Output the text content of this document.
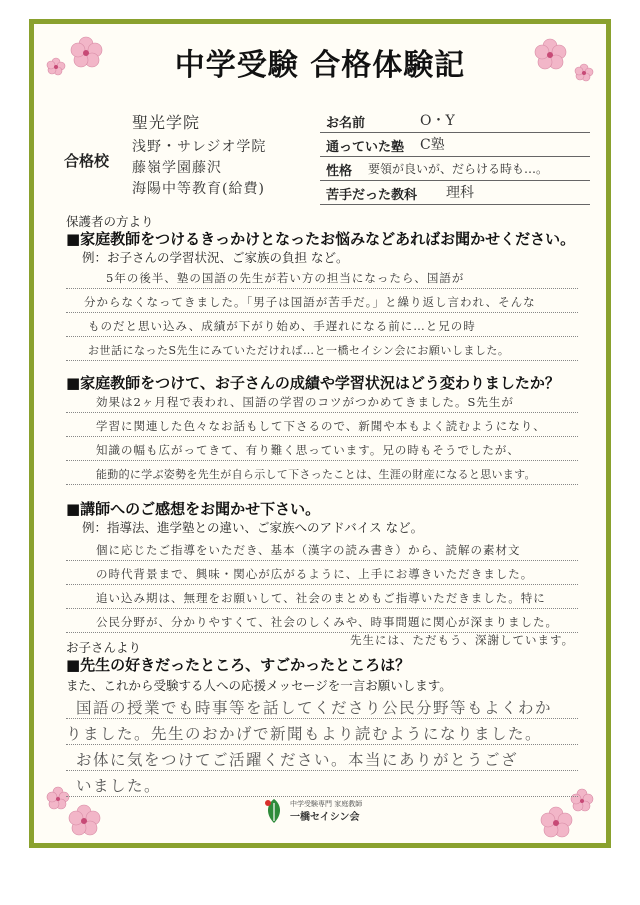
中学受験 合格体験記
合格校
聖光学院
浅野・サレジオ学院
藤嶺学園藤沢
海陽中等教育(給費)
お名前	O・Y
通っていた塾 C塾
性格 要領が良いが、だらける時も…。
苦手だった教科 理科
保護者の方より
■家庭教師をつけるきっかけとなったお悩みなどあればお聞かせください。
例：お子さんの学習状況、ご家族の負担 など。
5年の後半、塾の国語の先生が若い方の担当になったら、国語が
分からなくなってきました。「男子は国語が苦手だ。」と繰り返し言われ、そんな
ものだと思い込み、成績が下がり始め、手遅れになる前に…と兄の時
お世話になったS先生にみていただければ…と一橋セイシン会にお願いしました。
■家庭教師をつけて、お子さんの成績や学習状況はどう変わりましたか？
効果は2ヶ月程で表われ、国語の学習のコツがつかめてきました。S先生が
学習に関連した色々なお話もして下さるので、新聞や本もよく読むようになり、
知識の幅も広がってきて、有り難く思っています。兄の時もそうでしたが、
能動的に学ぶ姿勢を先生が自ら示して下さったことは、生涯の財産になると思います。
■講師へのご感想をお聞かせ下さい。
例：指導法、進学塾との違い、ご家族へのアドバイス など。
個に応じたご指導をいただき、基本（漢字の読み書き）から、読解の素材文
の時代背景まで、興味・関心が広がるように、上手にお導きいただきました。
追い込み期は、無理をお願いして、社会のまとめもご指導いただきました。特に
公民分野が、分かりやすくて、社会のしくみや、時事問題に関心が深まりました。
先生には、ただもう、深謝しています。
お子さんより
■先生の好きだったところ、すごかったところは？
また、これから受験する人への応援メッセージを一言お願いします。
国語の授業でも時事等を話してくださり公民分野等もよくわか
りました。先生のおかげで新聞もより読むようになりました。
お体に気をつけてご活躍ください。本当にありがとうござ
いました。
中学受験専門 家庭教師
一橋セイシン会
